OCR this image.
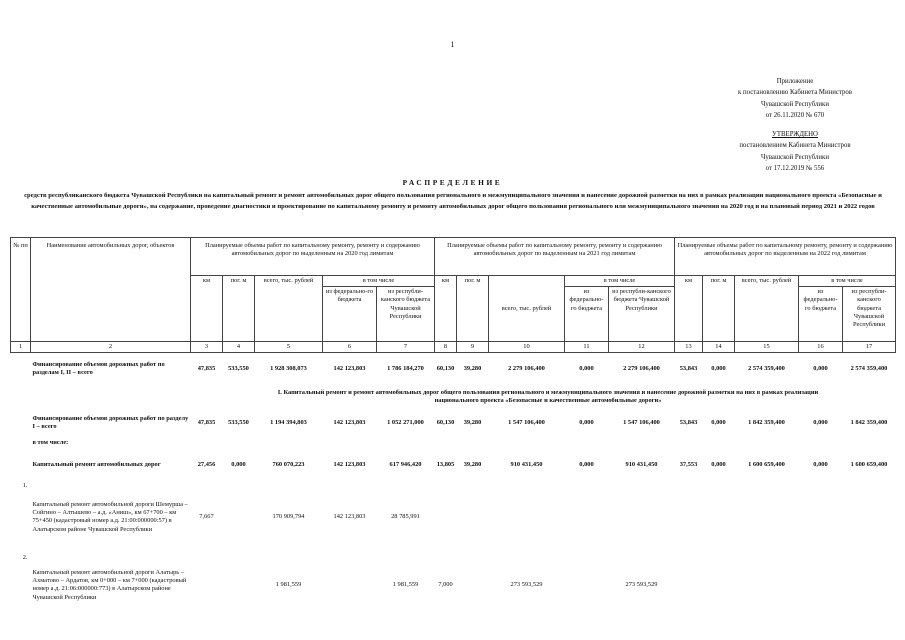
1
Приложение
к постановлению Кабинета Министров
Чувашской Республики
от 26.11.2020 № 670
УТВЕРЖДЕНО
постановлением Кабинета Министров
Чувашской Республики
от 17.12.2019 № 556
РАСПРЕДЕЛЕНИЕ
средств республиканского бюджета Чувашской Республики на капитальный ремонт и ремонт автомобильных дорог общего пользования регионального и межмуниципального значения и нанесение дорожной разметки на них в рамках реализации национального проекта «Безопасные и качественные автомобильные дороги», на содержание, проведение диагностики и проектирование по капитальному ремонту и ремонту автомобильных дорог общего пользования регионального или межмуниципального значения на 2020 год и на плановый период 2021 и 2022 годов
№ пп	Наименование автомобильных дорог, объектов	Планируемые объемы работ по капитальному ремонту, ремонту и содержанию автомобильных дорог по выделенным на 2020 год лимитам					Планируемые объемы работ по капитальному ремонту, ремонту и содержанию автомобильных дорог по выделенным на 2021 год лимитам					Планируемые объемы работ по капитальному ремонту, ремонту и содержанию автомобильных дорог по выделенным на 2022 год лимитам				
		км	пог. м	всего, тыс. рублей	в том числе		км	пог. м	всего, тыс. рублей	в том числе		км	пог. м	всего, тыс. рублей	в том числе	
					из федерально-го бюджета	из республи-канского бюджета Чувашской Республики				из федерально-го бюджета	из республи-канского бюджета Чувашской Республики				из федерально-го бюджета	из республи-канского бюджета Чувашской Республики
1	2	3	4	5	6	7	8	9	10	11	12	13	14	15	16	17
	Финансирование объемов дорожных работ по разделам I, II – всего	47,835	533,550	1 928 308,073	142 123,803	1 786 184,270	60,130	39,280	2 279 106,400	0,000	2 279 106,400	53,843	0,000	2 574 359,400	0,000	2 574 359,400
I. Капитальный ремонт и ремонт автомобильных дорог общего пользования регионального и межмуниципального значения и нанесение дорожной разметки на них в рамках реализации национального проекта «Безопасные и качественные автомобильные дороги»																
	Финансирование объемов дорожных работ по разделу I – всего	47,835	533,550	1 194 394,803	142 123,803	1 052 271,000	60,130	39,280	1 547 106,400	0,000	1 547 106,400	53,843	0,000	1 842 359,400	0,000	1 842 359,400
	в том числе:															
	Капитальный ремонт автомобильных дорог	27,456	0,000	760 070,223	142 123,803	617 946,420	13,805	39,280	910 431,450	0,000	910 431,450	37,553	0,000	1 600 659,400	0,000	1 600 659,400
1.	Капитальный ремонт автомобильной дороги Шемурша – Сойгино – Алтышево – а.д. «Аниш», км 67+700 – км 75+450 (кадастровый номер а.д. 21:00:000000:57) в Алатырском районе Чувашской Республики	7,667		170 909,794	142 123,803	28 785,991										
2.	Капитальный ремонт автомобильной дороги Алатырь – Ахматово – Ардатов, км 0+000 – км 7+000 (кадастровый номер а.д. 21:06:000000:773) в Алатырском районе Чувашской Республики			1 981,559		1 981,559	7,000		273 593,529		273 593,529					
